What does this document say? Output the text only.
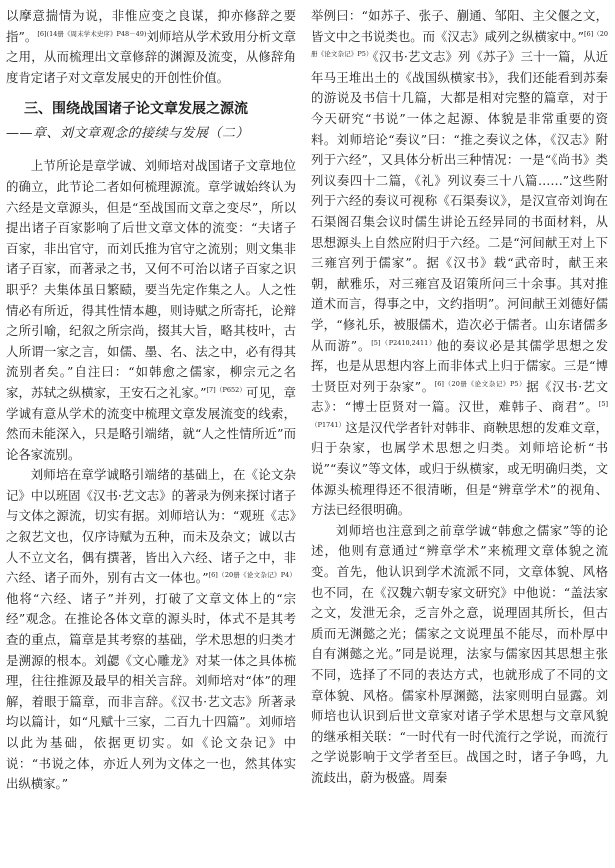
以摩意揣情为说，非惟应变之良谋，抑亦修辞之要指”。$^{[6](14册《周末学术史序》P48-49)}$刘师培从学术致用分析文章之用，从而梳理出文章修辞的渊源及流变，从修辞角度肯定诸子对文章发展史的开创性价值。

三、围绕战国诸子论文章发展之源流
——章、刘文章观念的接续与发展（二）

上节所论是章学诚、刘师培对战国诸子文章地位的确立，此节论二者如何梳理源流。章学诚始终认为六经是文章源头，但是“至战国而文章之变尽”，所以提出诸子百家影响了后世文章文体的流变：“夫诸子百家，非出官守，而刘氏推为官守之流别；则文集非诸子百家，而著录之书，又何不可治以诸子百家之识职乎？夫集体虽日繁赜，要当先定作集之人。人之性情必有所近，得其性情本趣，则诗赋之所寄托，论辩之所引喻，纪叙之所宗尚，掇其大旨，略其枝叶，古人所谓一家之言，如儒、墨、名、法之中，必有得其流别者矣。”自注曰：“如韩愈之儒家，柳宗元之名家，苏轼之纵横家，王安石之礼家。”$^{[7](P652)}$可见，章学诚有意从学术的流变中梳理文章发展流变的线索，然而未能深入，只是略引端绪，就“人之性情所近”而论各家流别。

刘师培在章学诚略引端绪的基础上，在《论文杂记》中以班固《汉书·艺文志》的著录为例来探讨诸子与文体之源流，切实有据。刘师培认为：“观班《志》之叙艺文也，仅序诗赋为五种，而未及杂文；诚以古人不立文名，偶有撰著，皆出入六经、诸子之中，非六经、诸子而外，别有古文一体也。”$^{[6](20册《论文杂记》P4)}$他将“六经、诸子”并列，打破了文章文体上的“宗经”观念。在推论各体文章的源头时，体式不是其考查的重点，篇章是其考察的基础，学术思想的归类才是溯源的根本。刘勰《文心雕龙》对某一体之具体梳理，往往推源及最早的相关言辞。刘师培对“体”的理解，着眼于篇章，而非言辞。《汉书·艺文志》所著录均以篇计，如“凡赋十三家，二百九十四篇”。刘师培以此为基础，依据更切实。如《论文杂记》中说：“书说之体，亦近人列为文体之一也，然其体实出纵横家。”

举例曰：“如苏子、张子、蒯通、邹阳、主父偃之文，皆文中之书说类也。而《汉志》咸列之纵横家中。”$^{[6](20册《论文杂记》P5)}$《汉书·艺文志》列《苏子》三十一篇，从近年马王堆出土的《战国纵横家书》，我们还能看到苏秦的游说及书信十几篇，大都是相对完整的篇章，对于今天研究“书说”一体之起源、体貌是非常重要的资料。刘师培论“奏议”曰：“推之奏议之体，《汉志》附列于六经”，又具体分析出三种情况：一是“《尚书》类列议奏四十二篇，《礼》列议奏三十八篇……”这些附列于六经的奏议可视称《石渠奏议》，是汉宣帝刘询在石渠阁召集会议时儒生讲论五经异同的书面材料，从思想源头上自然应附归于六经。二是“河间献王对上下三雍宫列于儒家”。据《汉书》载“武帝时，献王来朝，献雅乐，对三雍宫及诏策所问三十余事。其对推道术而言，得事之中，文约指明”。河间献王刘德好儒学，“修礼乐，被服儒术，造次必于儒者。山东诸儒多从而游”。$^{[5](P2410,2411)}$他的奏议必是其儒学思想之发挥，也是从思想内容上而非体式上归于儒家。三是“博士贤臣对列于杂家”。$^{[6](20册《论文杂记》P5)}$据《汉书·艺文志》：“博士臣贤对一篇。汉世，难韩子、商君”。$^{[5](P1741)}$这是汉代学者针对韩非、商鞅思想的发难文章，归于杂家，也属学术思想之归类。刘师培论析“书说”“奏议”等文体，或归于纵横家，或无明确归类，文体源头梳理得还不很清晰，但是“辨章学术”的视角、方法已经很明确。

刘师培也注意到之前章学诚“韩愈之儒家”等的论述，他则有意通过“辨章学术”来梳理文章体貌之流变。首先，他认识到学术流派不同，文章体貌、风格也不同，在《汉魏六朝专家文研究》中他说：“盖法家之文，发泄无余，乏言外之意，说理固其所长，但古质而无渊懿之光；儒家之文说理虽不能尽，而朴厚中自有渊懿之光。”同是说理，法家与儒家因其思想主张不同，选择了不同的表达方式，也就形成了不同的文章体貌、风格。儒家朴厚渊懿，法家则明白显露。刘师培也认识到后世文章家对诸子学术思想与文章风貌的继承相关联：“一时代有一时代流行之学说，而流行之学说影响于文学者至巨。战国之时，诸子争鸣，九流歧出，蔚为极盛。周秦
